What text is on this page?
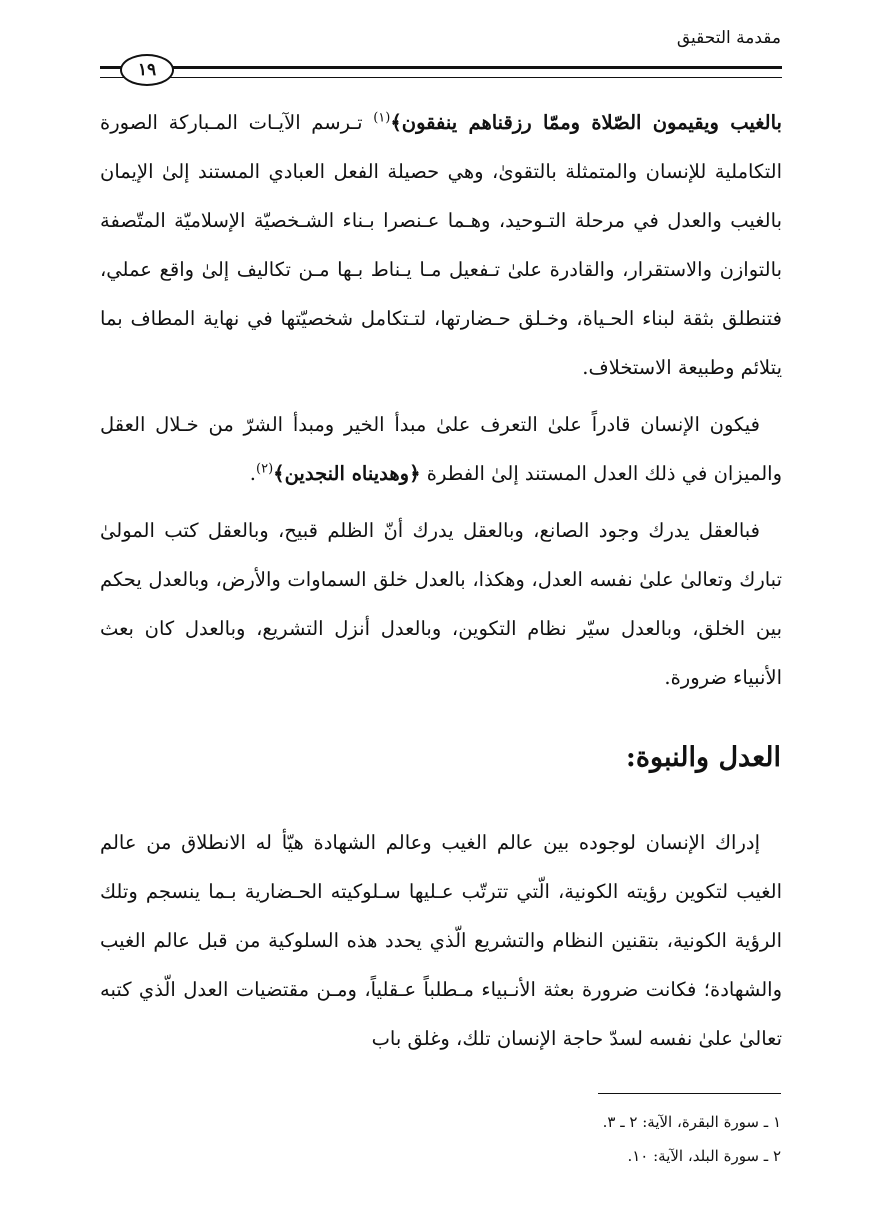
مقدمة التحقيق
١٩

بالغيب ويقيمون الصّلاة وممّا رزقناهم ينفقون﴾$^{(١)}$ تـرسم الآيـات المـباركة الصورة التكاملية للإنسان والمتمثلة بالتقوىٰ، وهي حصيلة الفعل العبادي المستند إلىٰ الإيمان بالغيب والعدل في مرحلة التـوحيد، وهـما عـنصرا بـناء الشـخصيّة الإسلاميّة المتّصفة بالتوازن والاستقرار، والقادرة علىٰ تـفعيل مـا يـناط بـها مـن تكاليف إلىٰ واقع عملي، فتنطلق بثقة لبناء الحـياة، وخـلق حـضارتها، لتـتكامل شخصيّتها في نهاية المطاف بما يتلائم وطبيعة الاستخلاف.

فيكون الإنسان قادراً علىٰ التعرف علىٰ مبدأ الخير ومبدأ الشرّ من خـلال العقل والميزان في ذلك العدل المستند إلىٰ الفطرة ﴿وهديناه النجدين﴾$^{(٢)}$.

فبالعقل يدرك وجود الصانع، وبالعقل يدرك أنّ الظلم قبيح، وبالعقل كتب المولىٰ تبارك وتعالىٰ علىٰ نفسه العدل، وهكذا، بالعدل خلق السماوات والأرض، وبالعدل يحكم بين الخلق، وبالعدل سيّر نظام التكوين، وبالعدل أنزل التشريع، وبالعدل كان بعث الأنبياء ضرورة.

العدل والنبوة:

إدراك الإنسان لوجوده بين عالم الغيب وعالم الشهادة هيّأ له الانطلاق من عالم الغيب لتكوين رؤيته الكونية، الّتي تترتّب عـليها سـلوكيته الحـضارية بـما ينسجم وتلك الرؤية الكونية، بتقنين النظام والتشريع الّذي يحدد هذه السلوكية من قبل عالم الغيب والشهادة؛ فكانت ضرورة بعثة الأنـبياء مـطلباً عـقلياً، ومـن مقتضيات العدل الّذي كتبه تعالىٰ علىٰ نفسه لسدّ حاجة الإنسان تلك، وغلق باب

١ ـ سورة البقرة، الآية: ٢ ـ ٣.
٢ ـ سورة البلد، الآية: ١٠.
